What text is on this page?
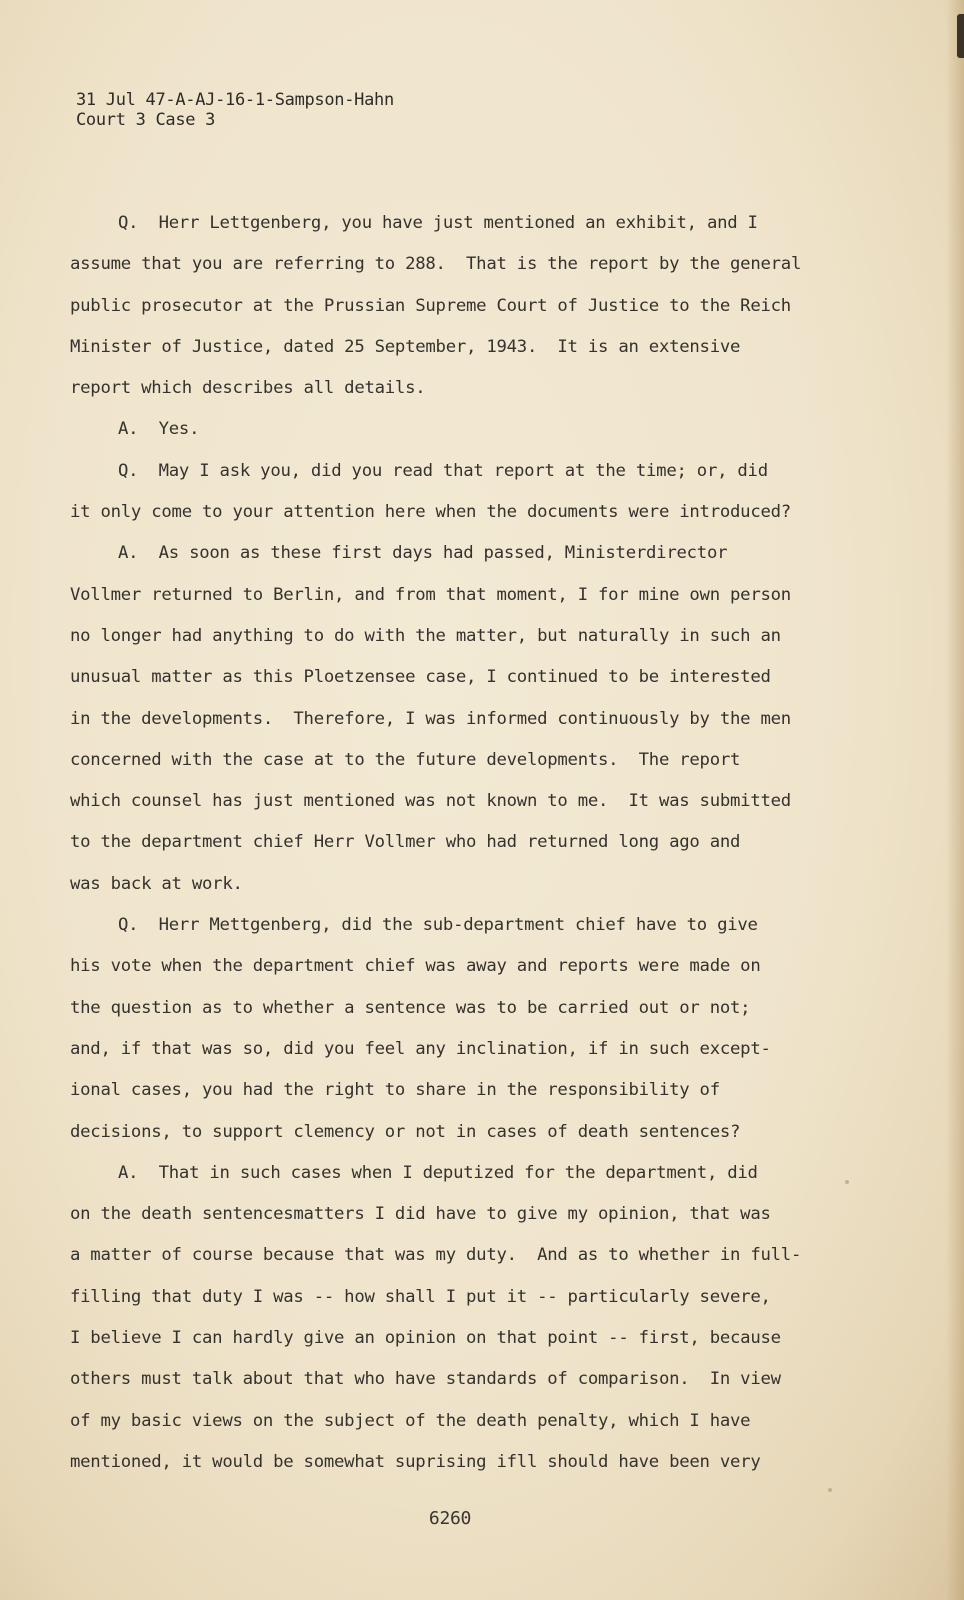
31 Jul 47-A-AJ-16-1-Sampson-Hahn
Court 3 Case 3
Q.  Herr Lettgenberg, you have just mentioned an exhibit, and I
assume that you are referring to 288.  That is the report by the general
public prosecutor at the Prussian Supreme Court of Justice to the Reich
Minister of Justice, dated 25 September, 1943.  It is an extensive
report which describes all details.
A.  Yes.
Q.  May I ask you, did you read that report at the time; or, did
it only come to your attention here when the documents were introduced?
A.  As soon as these first days had passed, Ministerdirector
Vollmer returned to Berlin, and from that moment, I for mine own person
no longer had anything to do with the matter, but naturally in such an
unusual matter as this Ploetzensee case, I continued to be interested
in the developments.  Therefore, I was informed continuously by the men
concerned with the case at to the future developments.  The report
which counsel has just mentioned was not known to me.  It was submitted
to the department chief Herr Vollmer who had returned long ago and
was back at work.
Q.  Herr Mettgenberg, did the sub-department chief have to give
his vote when the department chief was away and reports were made on
the question as to whether a sentence was to be carried out or not;
and, if that was so, did you feel any inclination, if in such except-
ional cases, you had the right to share in the responsibility of
decisions, to support clemency or not in cases of death sentences?
A.  That in such cases when I deputized for the department, did
on the death sentencesmatters I did have to give my opinion, that was
a matter of course because that was my duty.  And as to whether in full-
filling that duty I was -- how shall I put it -- particularly severe,
I believe I can hardly give an opinion on that point -- first, because
others must talk about that who have standards of comparison.  In view
of my basic views on the subject of the death penalty, which I have
mentioned, it would be somewhat suprising ifll should have been very
6260
